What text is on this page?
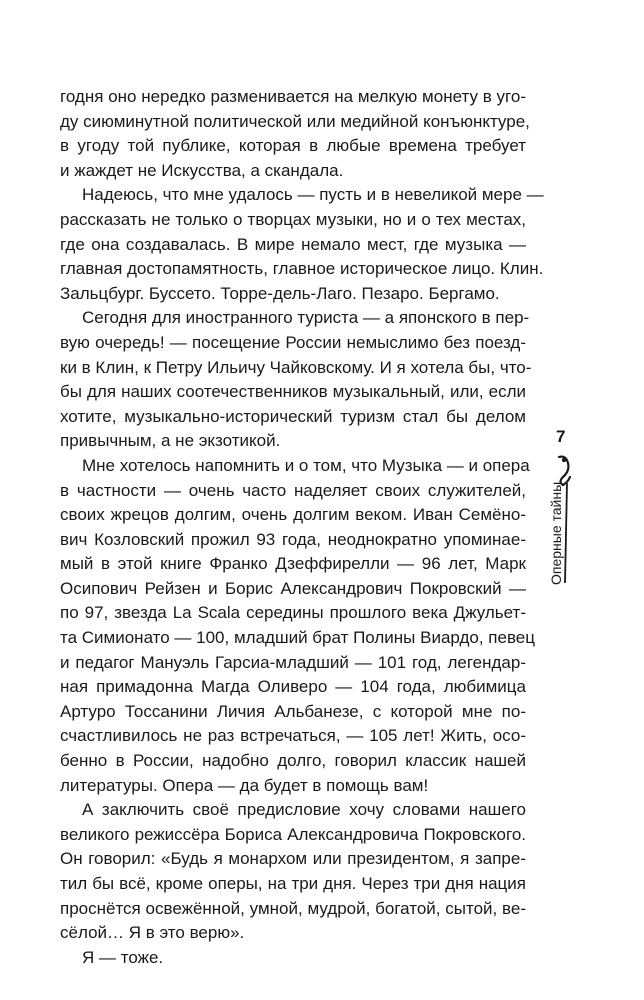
годня оно нередко разменивается на мелкую монету в уго-
ду сиюминутной политической или медийной конъюнктуре,
в угоду той публике, которая в любые времена требует
и жаждет не Искусства, а скандала.
Надеюсь, что мне удалось — пусть и в невеликой мере —
рассказать не только о творцах музыки, но и о тех местах,
где она создавалась. В мире немало мест, где музыка —
главная достопамятность, главное историческое лицо. Клин.
Зальцбург. Буссето. Торре-дель-Лаго. Пезаро. Бергамо.
Сегодня для иностранного туриста — а японского в пер-
вую очередь! — посещение России немыслимо без поезд-
ки в Клин, к Петру Ильичу Чайковскому. И я хотела бы, что-
бы для наших соотечественников музыкальный, или, если
хотите, музыкально-исторический туризм стал бы делом
привычным, а не экзотикой.
Мне хотелось напомнить и о том, что Музыка — и опера
в частности — очень часто наделяет своих служителей,
своих жрецов долгим, очень долгим веком. Иван Семёно-
вич Козловский прожил 93 года, неоднократно упоминае-
мый в этой книге Франко Дзеффирелли — 96 лет, Марк
Осипович Рейзен и Борис Александрович Покровский —
по 97, звезда La Scala середины прошлого века Джульет-
та Симионато — 100, младший брат Полины Виардо, певец
и педагог Мануэль Гарсиа-младший — 101 год, легендар-
ная примадонна Магда Оливеро — 104 года, любимица
Артуро Тоссанини Личия Альбанезе, с которой мне по-
счастливилось не раз встречаться, — 105 лет! Жить, осо-
бенно в России, надобно долго, говорил классик нашей
литературы. Опера — да будет в помощь вам!
А заключить своё предисловие хочу словами нашего
великого режиссёра Бориса Александровича Покровского.
Он говорил: «Будь я монархом или президентом, я запре-
тил бы всё, кроме оперы, на три дня. Через три дня нация
проснётся освежённой, умной, мудрой, богатой, сытой, ве-
сёлой… Я в это верю».
Я — тоже.
7
Оперные тайны
